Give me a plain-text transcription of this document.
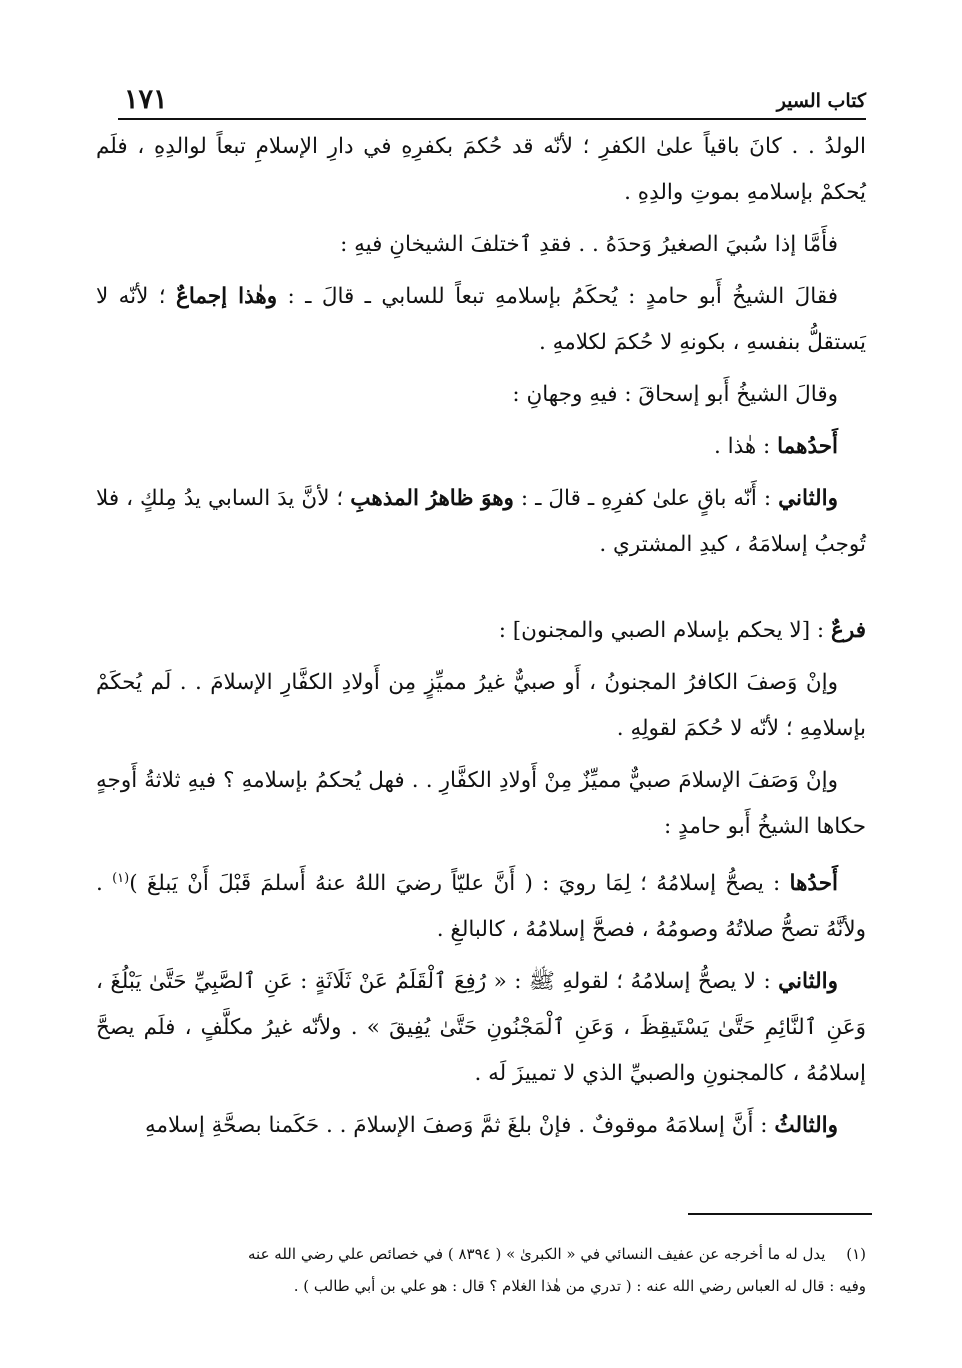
كتاب السير
١٧١

الولدُ . . كانَ باقياً علىٰ الكفرِ ؛ لأنّه قد حُكمَ بكفرِهِ في دارِ الإسلامِ تبعاً لوالدِهِ ، فلَم يُحكمْ بإسلامهِ بموتِ والدِهِ .

فأَمَّا إذا سُبيَ الصغيرُ وَحدَهُ . . فقدِ ٱختلفَ الشيخانِ فيهِ :

فقالَ الشيخُ أَبو حامدٍ : يُحكَمُ بإسلامهِ تبعاً للسابي ـ قالَ ـ : وهٰذا إجماعٌ ؛ لأنّه لا يَستقلُّ بنفسهِ ، بكونهِ لا حُكمَ لكلامهِ .

وقالَ الشيخُ أَبو إسحاقَ : فيهِ وجهانِ :

أَحدُهما : هٰذا .

والثاني : أَنّه باقٍ علىٰ كفرِهِ ـ قالَ ـ : وهوَ ظاهرُ المذهبِ ؛ لأنَّ يدَ السابي يدُ مِلكٍ ، فلا تُوجبُ إسلامَهُ ، كيدِ المشتري .

فرعٌ : [لا يحكم بإسلام الصبي والمجنون] :

وإنْ وَصفَ الكافرُ المجنونُ ، أَو صبيٌّ غيرُ مميِّزٍ مِن أَولادِ الكفَّارِ الإسلامَ . . لَم يُحكَمْ بإسلامِهِ ؛ لأنّه لا حُكمَ لقولِهِ .

وإنْ وَصَفَ الإسلامَ صبيٌّ مميِّزٌ مِنْ أَولادِ الكفَّارِ . . فهل يُحكمُ بإسلامهِ ؟ فيهِ ثلاثةُ أَوجهٍ حكاها الشيخُ أَبو حامدٍ :

أَحدُها : يصحُّ إسلامُهُ ؛ لِمَا رويَ : ( أَنَّ عليّاً رضيَ اللهُ عنهُ أَسلمَ قَبْلَ أَنْ يَبلغَ )$^{(١)}$ . ولأنَّهُ تصحُّ صلاتُهُ وصومُهُ ، فصحَّ إسلامُهُ ، كالبالغِ .

والثاني : لا يصحُّ إسلامُهُ ؛ لقولهِ ﷺ : « رُفِعَ ٱلْقَلَمُ عَنْ ثَلَاثَةٍ : عَنِ ٱلصَّبِيِّ حَتَّىٰ يَبْلُغَ ، وَعَنِ ٱلنَّائِمِ حَتَّىٰ يَسْتَيقِظَ ، وَعَنِ ٱلْمَجْنُونِ حَتَّىٰ يُفِيقَ » . ولأنّه غيرُ مكلَّفٍ ، فلَم يصحَّ إسلامُهُ ، كالمجنونِ والصبيِّ الذي لا تمييزَ لَه .

والثالثُ : أَنَّ إسلامَهُ موقوفٌ . فإنْ بلغَ ثمَّ وَصفَ الإسلامَ . . حَكَمنا بصحَّةِ إسلامهِ

(١) يدل له ما أخرجه عن عفيف النسائي في « الكبرىٰ » ( ٨٣٩٤ ) في خصائص علي رضي الله عنه
وفيه : قال له العباس رضي الله عنه : ( تدري من هٰذا الغلام ؟ قال : هو علي بن أبي طالب ) .
